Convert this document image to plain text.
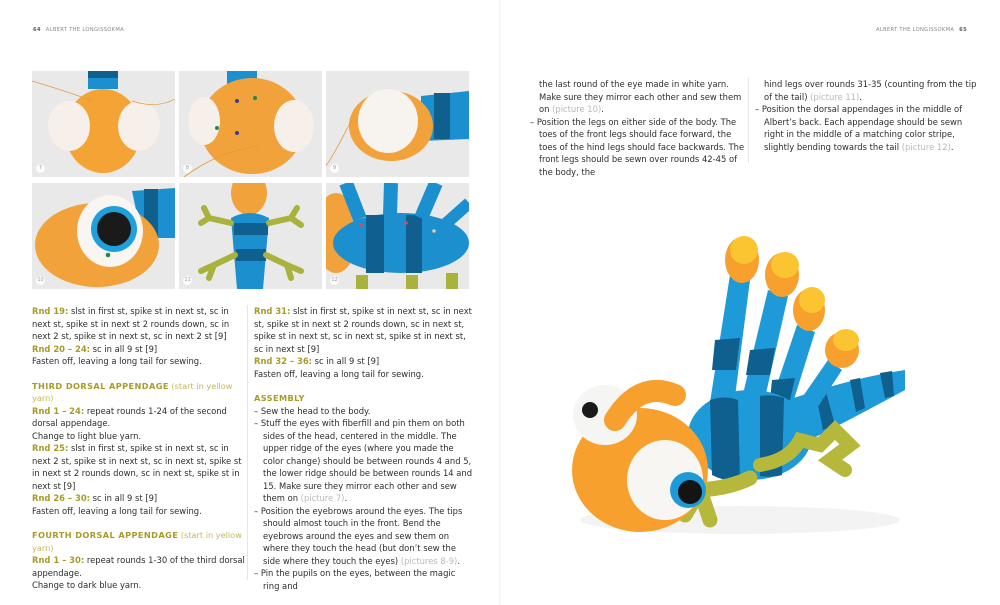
64 ALBERT THE LONGISSOKMA	ALBERT THE LONGISSOKMA 65
7	8	9
10	11	12

Rnd 19: slst in first st, spike st in next st, sc in next st, spike st in next st 2 rounds down, sc in next 2 st, spike st in next st, sc in next 2 st [9]

Rnd 20 – 24: sc in all 9 st [9]

Fasten off, leaving a long tail for sewing.

THIRD DORSAL APPENDAGE (start in yellow yarn)

Rnd 1 – 24: repeat rounds 1-24 of the second dorsal appendage.

Change to light blue yarn.

Rnd 25: slst in first st, spike st in next st, sc in next 2 st, spike st in next st, sc in next st, spike st in next st 2 rounds down, sc in next st, spike st in next st [9]

Rnd 26 – 30: sc in all 9 st [9]

Fasten off, leaving a long tail for sewing.

FOURTH DORSAL APPENDAGE (start in yellow yarn)

Rnd 1 – 30: repeat rounds 1-30 of the third dorsal appendage.

Change to dark blue yarn.

Rnd 31: slst in first st, spike st in next st, sc in next st, spike st in next st 2 rounds down, sc in next st, spike st in next st, sc in next st, spike st in next st, sc in next st [9]

Rnd 32 – 36: sc in all 9 st [9]

Fasten off, leaving a long tail for sewing.

ASSEMBLY

– Sew the head to the body.

– Stuff the eyes with fiberfill and pin them on both sides of the head, centered in the middle. The upper ridge of the eyes (where you made the color change) should be between rounds 4 and 5, the lower ridge should be between rounds 14 and 15. Make sure they mirror each other and sew them on (picture 7).

– Position the eyebrows around the eyes. The tips should almost touch in the front. Bend the eyebrows around the eyes and sew them on where they touch the head (but don’t sew the side where they touch the eyes) (pictures 8-9).

– Pin the pupils on the eyes, between the magic ring and

the last round of the eye made in white yarn. Make sure they mirror each other and sew them on (picture 10).

– Position the legs on either side of the body. The toes of the front legs should face forward, the toes of the hind legs should face backwards. The front legs should be sewn over rounds 42-45 of the body, the

hind legs over rounds 31-35 (counting from the tip of the tail) (picture 11).

– Position the dorsal appendages in the middle of Albert’s back. Each appendage should be sewn right in the middle of a matching color stripe, slightly bending towards the tail (picture 12).
